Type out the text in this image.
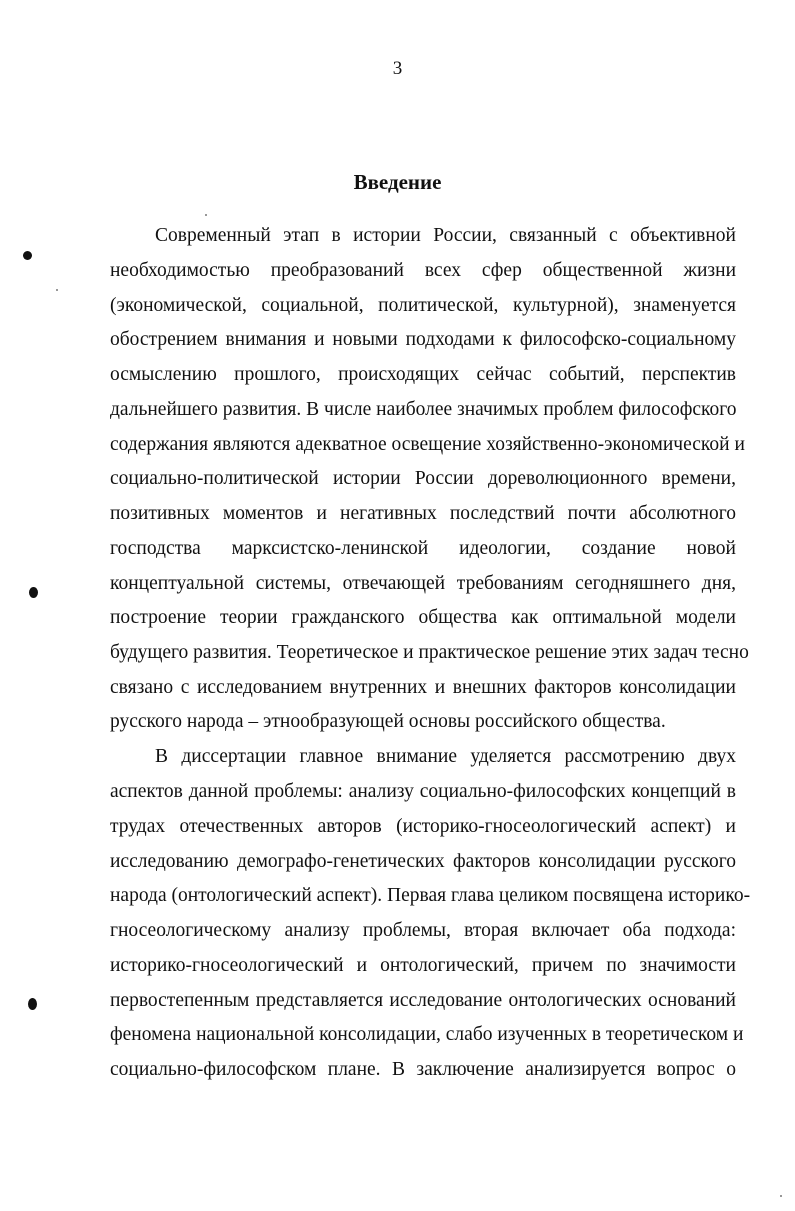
3
Введение
Современный этап в истории России, связанный с объективной
необходимостью преобразований всех сфер общественной жизни
(экономической, социальной, политической, культурной), знаменуется
обострением внимания и новыми подходами к философско-социальному
осмыслению прошлого, происходящих сейчас событий, перспектив
дальнейшего развития. В числе наиболее значимых проблем философского
содержания являются адекватное освещение хозяйственно-экономической и
социально-политической истории России дореволюционного времени,
позитивных моментов и негативных последствий почти абсолютного
господства марксистско-ленинской идеологии, создание новой
концептуальной системы, отвечающей требованиям сегодняшнего дня,
построение теории гражданского общества как оптимальной модели
будущего развития. Теоретическое и практическое решение этих задач тесно
связано с исследованием внутренних и внешних факторов консолидации
русского народа – этнообразующей основы российского общества.
В диссертации главное внимание уделяется рассмотрению двух
аспектов данной проблемы: анализу социально-философских концепций в
трудах отечественных авторов (историко-гносеологический аспект) и
исследованию демографо-генетических факторов консолидации русского
народа (онтологический аспект). Первая глава целиком посвящена историко-
гносеологическому анализу проблемы, вторая включает оба подхода:
историко-гносеологический и онтологический, причем по значимости
первостепенным представляется исследование онтологических оснований
феномена национальной консолидации, слабо изученных в теоретическом и
социально-философском плане. В заключение анализируется вопрос о
